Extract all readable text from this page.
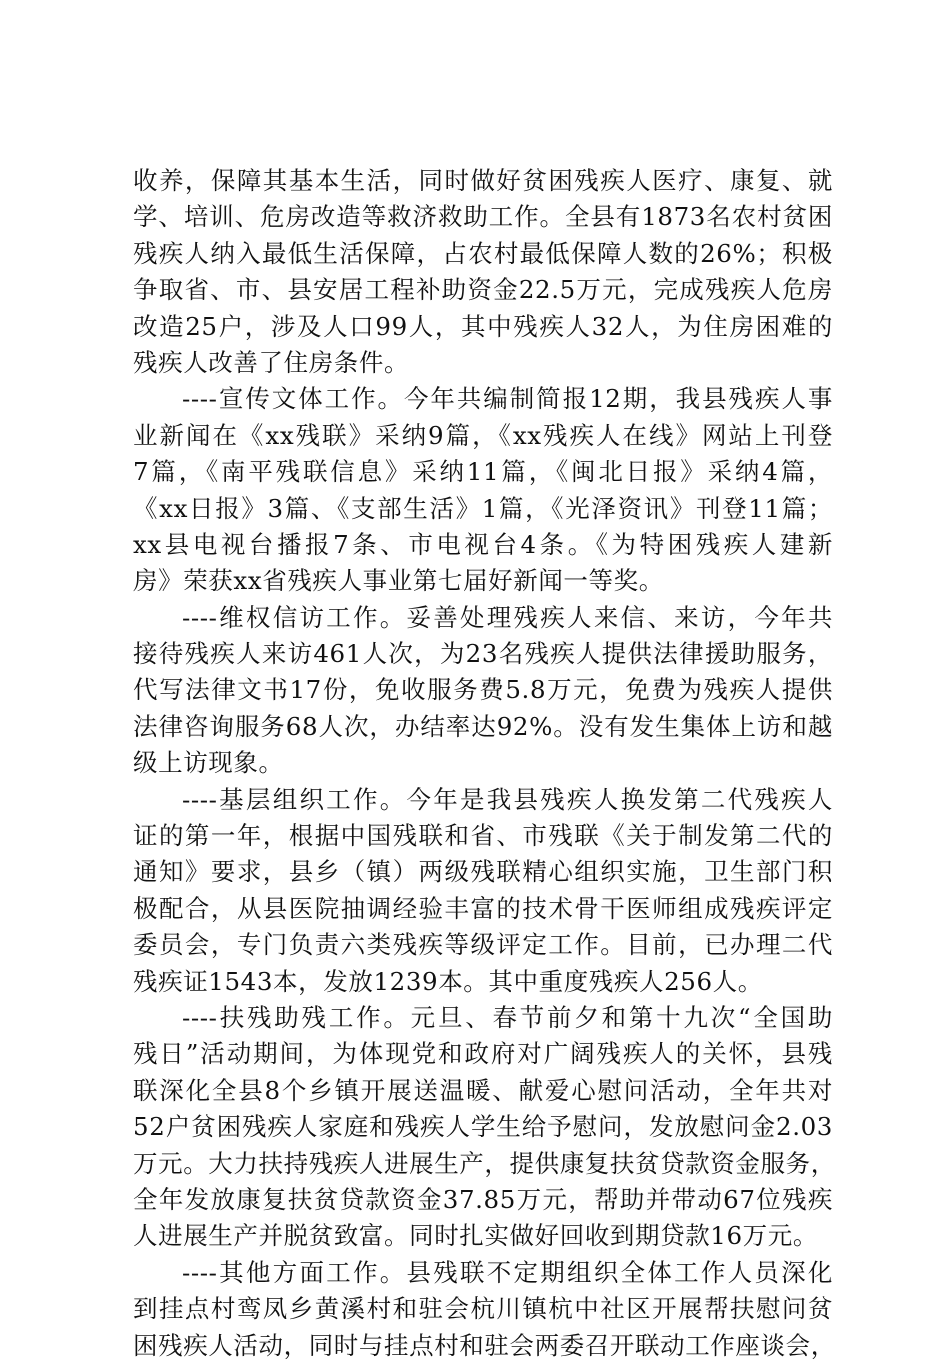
收养，保障其基本生活，同时做好贫困残疾人医疗、康复、就
学、培训、危房改造等救济救助工作。全县有1873名农村贫困
残疾人纳入最低生活保障，占农村最低保障人数的26%；积极
争取省、市、县安居工程补助资金22.5万元，完成残疾人危房
改造25户，涉及人口99人，其中残疾人32人，为住房困难的
残疾人改善了住房条件。
----宣传文体工作。今年共编制简报12期，我县残疾人事
业新闻在《xx残联》采纳9篇，《xx残疾人在线》网站上刊登
7篇，《南平残联信息》采纳11篇，《闽北日报》采纳4篇，
《xx日报》3篇、《支部生活》1篇，《光泽资讯》刊登11篇；
xx县电视台播报7条、市电视台4条。《为特困残疾人建新
房》荣获xx省残疾人事业第七届好新闻一等奖。
----维权信访工作。妥善处理残疾人来信、来访，今年共
接待残疾人来访461人次，为23名残疾人提供法律援助服务，
代写法律文书17份，免收服务费5.8万元，免费为残疾人提供
法律咨询服务68人次，办结率达92%。没有发生集体上访和越
级上访现象。
----基层组织工作。今年是我县残疾人换发第二代残疾人
证的第一年，根据中国残联和省、市残联《关于制发第二代的
通知》要求，县乡（镇）两级残联精心组织实施，卫生部门积
极配合，从县医院抽调经验丰富的技术骨干医师组成残疾评定
委员会，专门负责六类残疾等级评定工作。目前，已办理二代
残疾证1543本，发放1239本。其中重度残疾人256人。
----扶残助残工作。元旦、春节前夕和第十九次“全国助
残日”活动期间，为体现党和政府对广阔残疾人的关怀，县残
联深化全县8个乡镇开展送温暖、献爱心慰问活动，全年共对
52户贫困残疾人家庭和残疾人学生给予慰问，发放慰问金2.03
万元。大力扶持残疾人进展生产，提供康复扶贫贷款资金服务，
全年发放康复扶贫贷款资金37.85万元，帮助并带动67位残疾
人进展生产并脱贫致富。同时扎实做好回收到期贷款16万元。
----其他方面工作。县残联不定期组织全体工作人员深化
到挂点村鸾凤乡黄溪村和驻会杭川镇杭中社区开展帮扶慰问贫
困残疾人活动，同时与挂点村和驻会两委召开联动工作座谈会，
